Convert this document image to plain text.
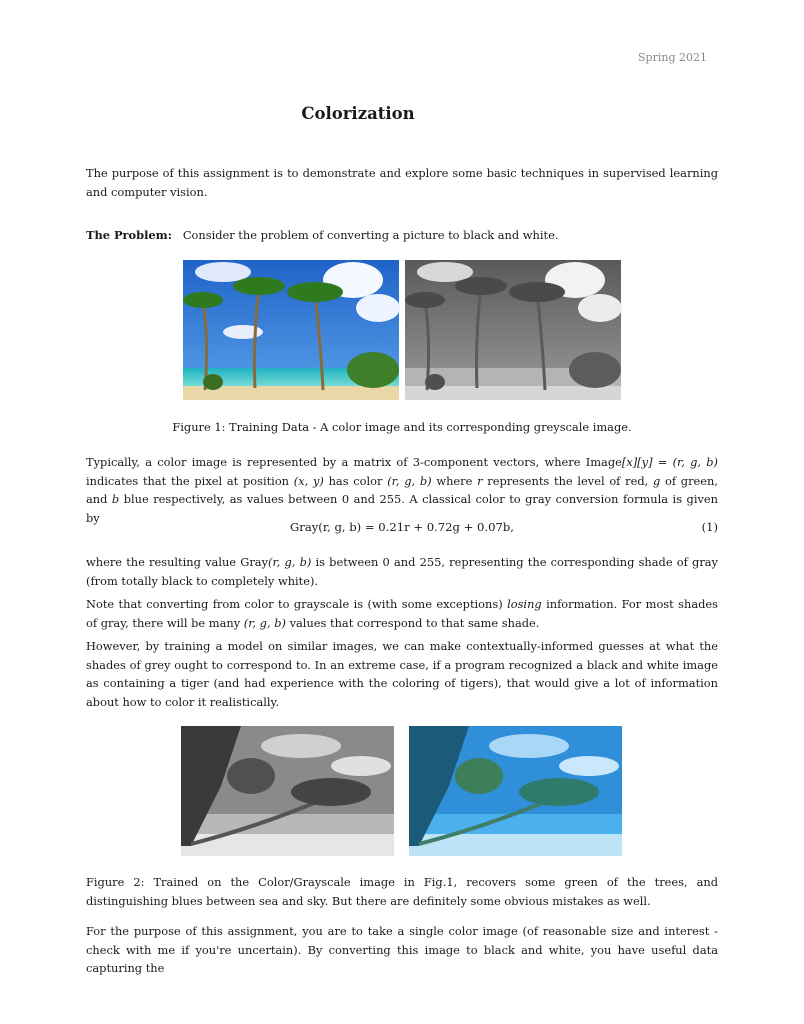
Spring 2021
Colorization

The purpose of this assignment is to demonstrate and explore some basic techniques in supervised learning and computer vision.

The Problem: Consider the problem of converting a picture to black and white.

Figure 1: Training Data - A color image and its corresponding greyscale image.

Typically, a color image is represented by a matrix of 3-component vectors, where Image[x][y] = (r, g, b) indicates that the pixel at position (x, y) has color (r, g, b) where r represents the level of red, g of green, and b blue respectively, as values between 0 and 255. A classical color to gray conversion formula is given by

Gray(r, g, b) = 0.21r + 0.72g + 0.07b,	(1)

where the resulting value Gray(r, g, b) is between 0 and 255, representing the corresponding shade of gray (from totally black to completely white).

Note that converting from color to grayscale is (with some exceptions) losing information. For most shades of gray, there will be many (r, g, b) values that correspond to that same shade.

However, by training a model on similar images, we can make contextually-informed guesses at what the shades of grey ought to correspond to. In an extreme case, if a program recognized a black and white image as containing a tiger (and had experience with the coloring of tigers), that would give a lot of information about how to color it realistically.

Figure 2: Trained on the Color/Grayscale image in Fig.1, recovers some green of the trees, and distinguishing blues between sea and sky. But there are definitely some obvious mistakes as well.

For the purpose of this assignment, you are to take a single color image (of reasonable size and interest - check with me if you're uncertain). By converting this image to black and white, you have useful data capturing the
